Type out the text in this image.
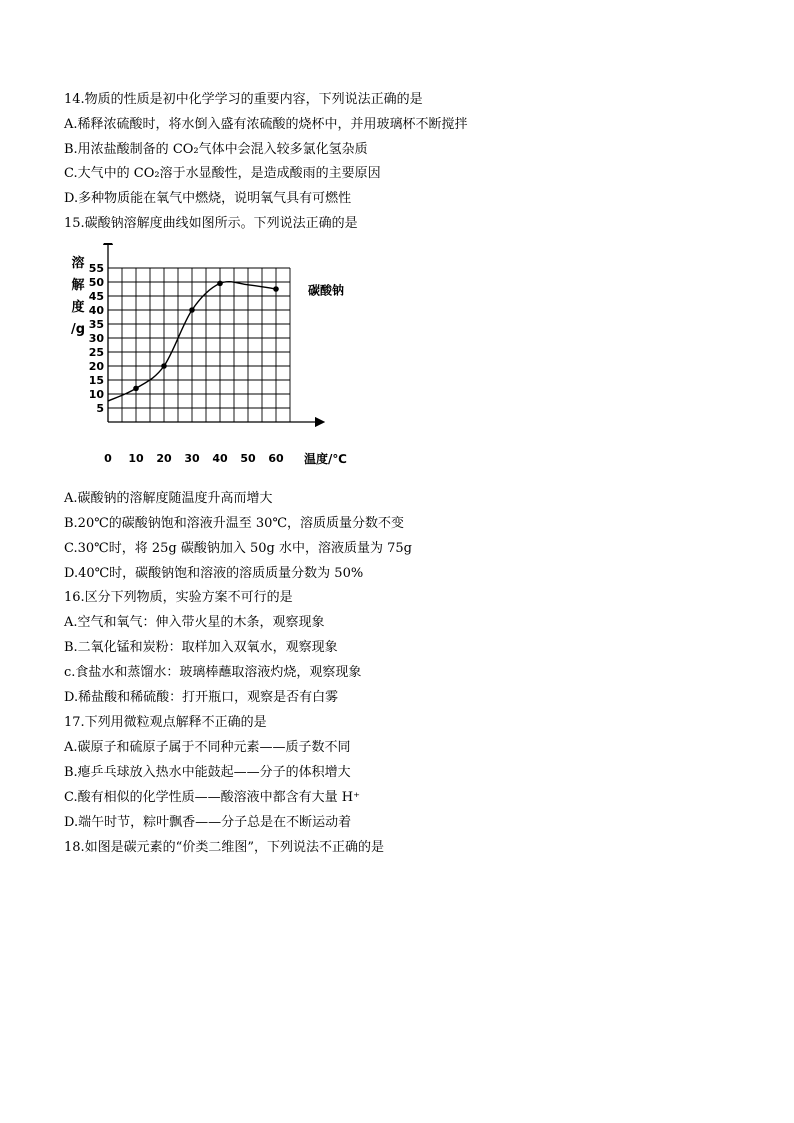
14.物质的性质是初中化学学习的重要内容，下列说法正确的是
A.稀释浓硫酸时，将水倒入盛有浓硫酸的烧杯中，并用玻璃杯不断搅拌
B.用浓盐酸制备的 CO₂气体中会混入较多氯化氢杂质
C.大气中的 CO₂溶于水显酸性，是造成酸雨的主要原因
D.多种物质能在氧气中燃烧，说明氧气具有可燃性
15.碳酸钠溶解度曲线如图所示。下列说法正确的是
溶
解
度
/g
5
10
15
20
25
30
35
40
45
50
55
0 10 20 30 40 50 60 温度/℃
碳酸钠
A.碳酸钠的溶解度随温度升高而增大
B.20℃的碳酸钠饱和溶液升温至 30℃，溶质质量分数不变
C.30℃时，将 25g 碳酸钠加入 50g 水中，溶液质量为 75g
D.40℃时，碳酸钠饱和溶液的溶质质量分数为 50%
16.区分下列物质，实验方案不可行的是
A.空气和氧气：伸入带火星的木条，观察现象
B.二氧化锰和炭粉：取样加入双氧水，观察现象
c.食盐水和蒸馏水：玻璃棒蘸取溶液灼烧，观察现象
D.稀盐酸和稀硫酸：打开瓶口，观察是否有白雾
17.下列用微粒观点解释不正确的是
A.碳原子和硫原子属于不同种元素——质子数不同
B.瘪乒乓球放入热水中能鼓起——分子的体积增大
C.酸有相似的化学性质——酸溶液中都含有大量 H⁺
D.端午时节，粽叶飘香——分子总是在不断运动着
18.如图是碳元素的“价类二维图”，下列说法不正确的是
